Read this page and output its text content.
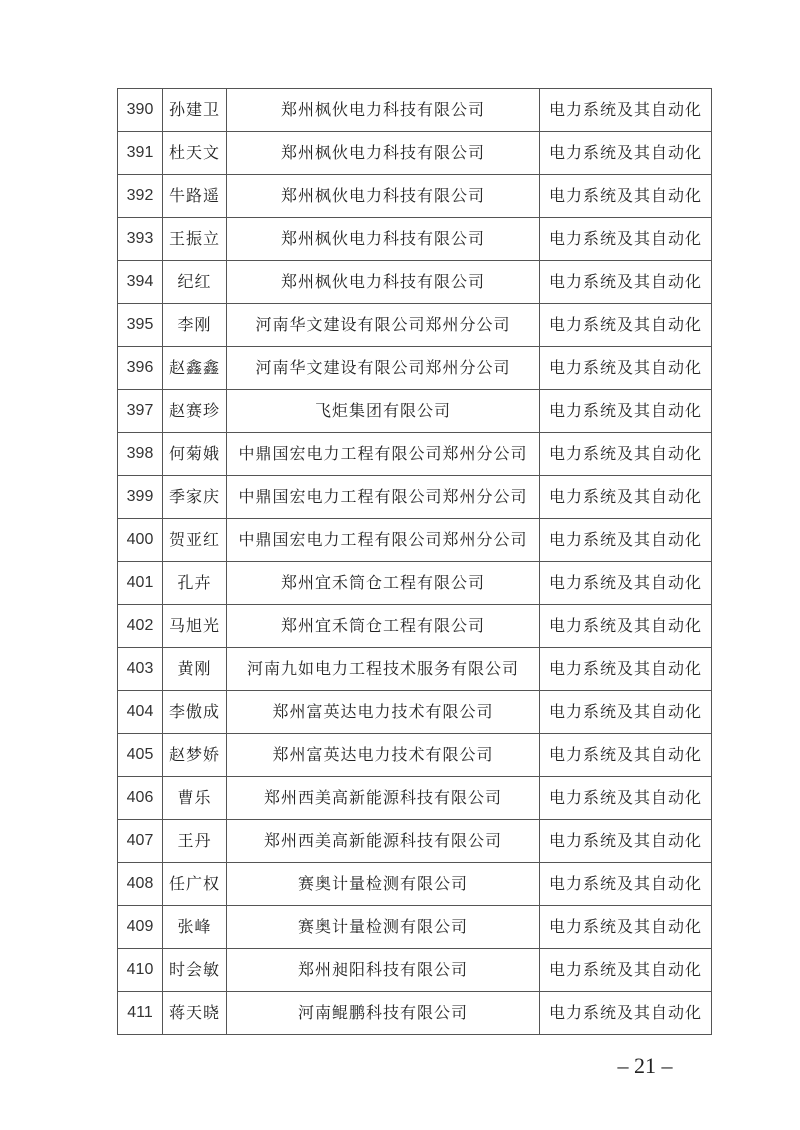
390	孙建卫	郑州枫伙电力科技有限公司	电力系统及其自动化
391	杜天文	郑州枫伙电力科技有限公司	电力系统及其自动化
392	牛路遥	郑州枫伙电力科技有限公司	电力系统及其自动化
393	王振立	郑州枫伙电力科技有限公司	电力系统及其自动化
394	纪红	郑州枫伙电力科技有限公司	电力系统及其自动化
395	李刚	河南华文建设有限公司郑州分公司	电力系统及其自动化
396	赵鑫鑫	河南华文建设有限公司郑州分公司	电力系统及其自动化
397	赵赛珍	飞炬集团有限公司	电力系统及其自动化
398	何菊娥	中鼎国宏电力工程有限公司郑州分公司	电力系统及其自动化
399	季家庆	中鼎国宏电力工程有限公司郑州分公司	电力系统及其自动化
400	贺亚红	中鼎国宏电力工程有限公司郑州分公司	电力系统及其自动化
401	孔卉	郑州宜禾筒仓工程有限公司	电力系统及其自动化
402	马旭光	郑州宜禾筒仓工程有限公司	电力系统及其自动化
403	黄刚	河南九如电力工程技术服务有限公司	电力系统及其自动化
404	李傲成	郑州富英达电力技术有限公司	电力系统及其自动化
405	赵梦娇	郑州富英达电力技术有限公司	电力系统及其自动化
406	曹乐	郑州西美高新能源科技有限公司	电力系统及其自动化
407	王丹	郑州西美高新能源科技有限公司	电力系统及其自动化
408	任广权	赛奥计量检测有限公司	电力系统及其自动化
409	张峰	赛奥计量检测有限公司	电力系统及其自动化
410	时会敏	郑州昶阳科技有限公司	电力系统及其自动化
411	蒋天晓	河南鲲鹏科技有限公司	电力系统及其自动化
– 21 –
